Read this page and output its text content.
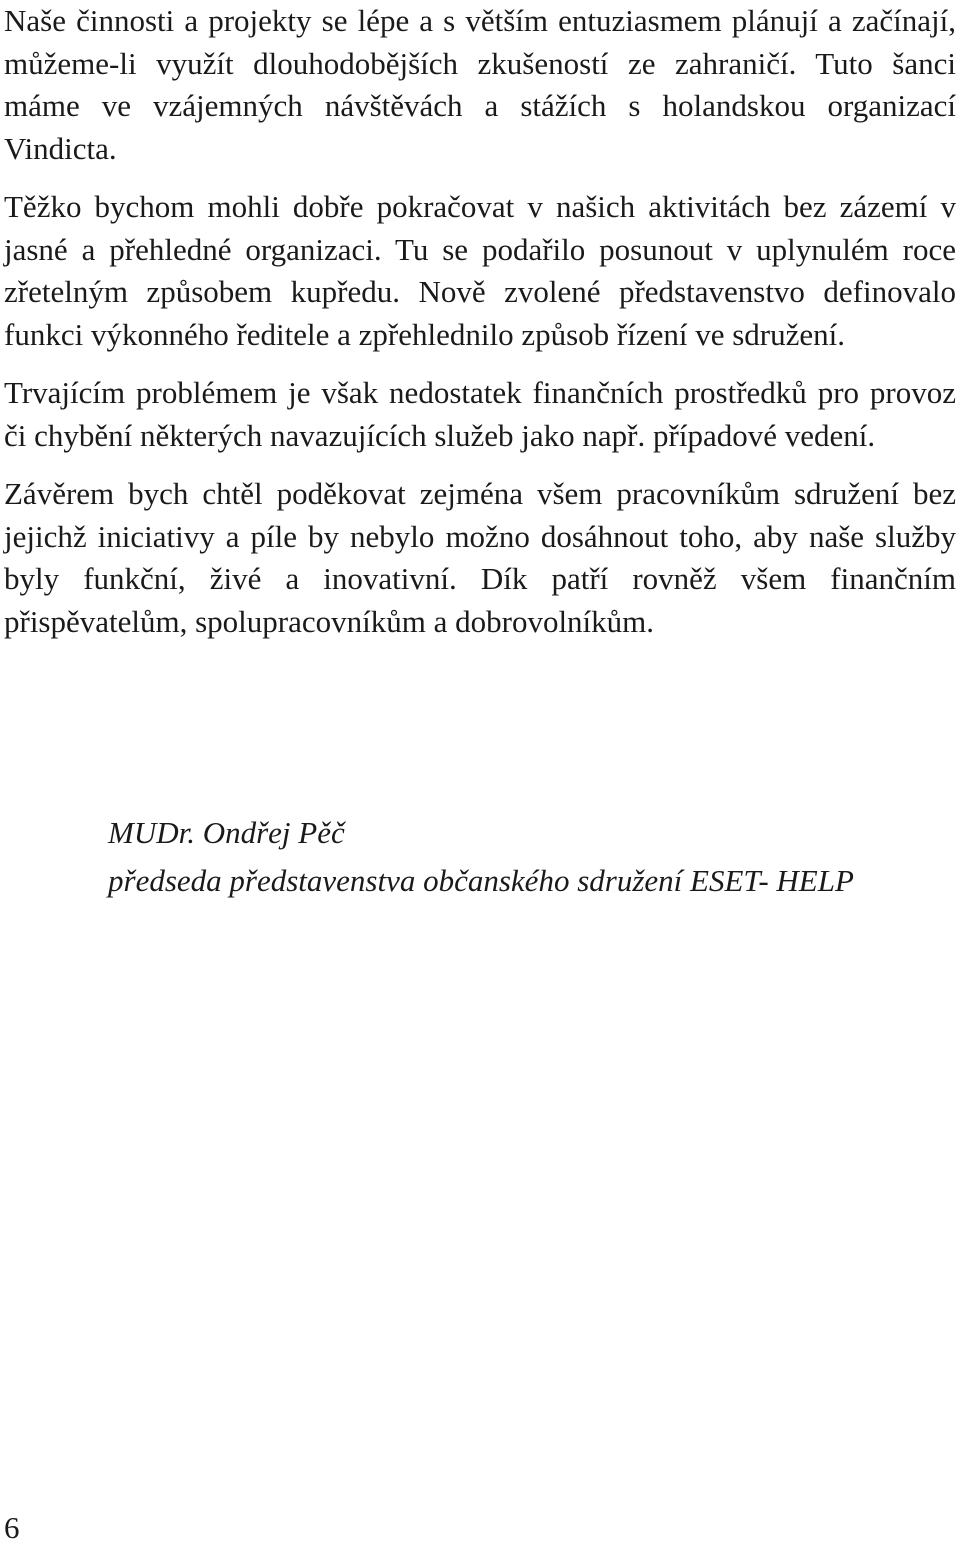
Naše činnosti a projekty se lépe a s větším entuziasmem plánují a začínají, můžeme-li využít dlouhodobějších zkušeností ze zahraničí. Tuto šanci máme ve vzájemných návštěvách a stážích s holandskou organizací Vindicta.

Těžko bychom mohli dobře pokračovat v našich aktivitách bez zázemí v jasné a přehledné organizaci. Tu se podařilo posunout v uplynulém roce zřetelným způsobem kupředu. Nově zvolené představenstvo definovalo funkci výkonného ředitele a zpřehlednilo způsob řízení ve sdružení.

Trvajícím problémem je však nedostatek finančních prostředků pro provoz či chybění některých navazujících služeb jako např. případové vedení.

Závěrem bych chtěl poděkovat zejména všem pracovníkům sdružení bez jejichž iniciativy a píle by nebylo možno dosáhnout toho, aby naše služby byly funkční, živé a inovativní. Dík patří rovněž všem finančním přispěvatelům, spolupracovníkům a dobrovolníkům.

MUDr. Ondřej Pěč
předseda představenstva občanského sdružení ESET- HELP
6
